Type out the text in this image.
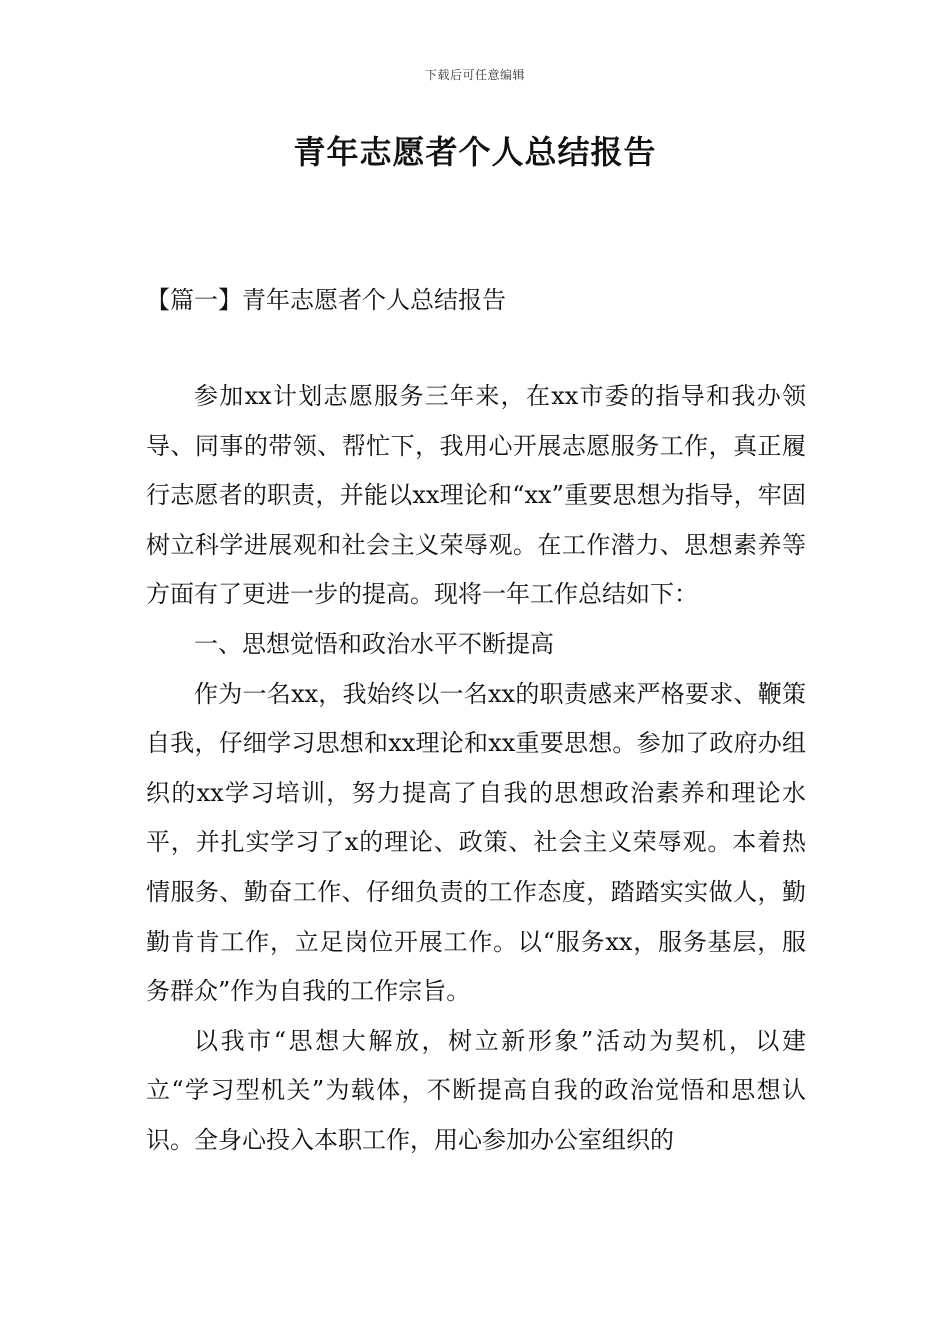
下载后可任意编辑
青年志愿者个人总结报告
【篇一】青年志愿者个人总结报告

参加xx计划志愿服务三年来，在xx市委的指导和我办领导、同事的带领、帮忙下，我用心开展志愿服务工作，真正履行志愿者的职责，并能以xx理论和“xx”重要思想为指导，牢固树立科学进展观和社会主义荣辱观。在工作潜力、思想素养等方面有了更进一步的提高。现将一年工作总结如下：

一、思想觉悟和政治水平不断提高

作为一名xx，我始终以一名xx的职责感来严格要求、鞭策自我，仔细学习思想和xx理论和xx重要思想。参加了政府办组织的xx学习培训，努力提高了自我的思想政治素养和理论水平，并扎实学习了x的理论、政策、社会主义荣辱观。本着热情服务、勤奋工作、仔细负责的工作态度，踏踏实实做人，勤勤肯肯工作，立足岗位开展工作。以“服务xx，服务基层，服务群众”作为自我的工作宗旨。

以我市“思想大解放，树立新形象”活动为契机，以建立“学习型机关”为载体，不断提高自我的政治觉悟和思想认识。全身心投入本职工作，用心参加办公室组织的
